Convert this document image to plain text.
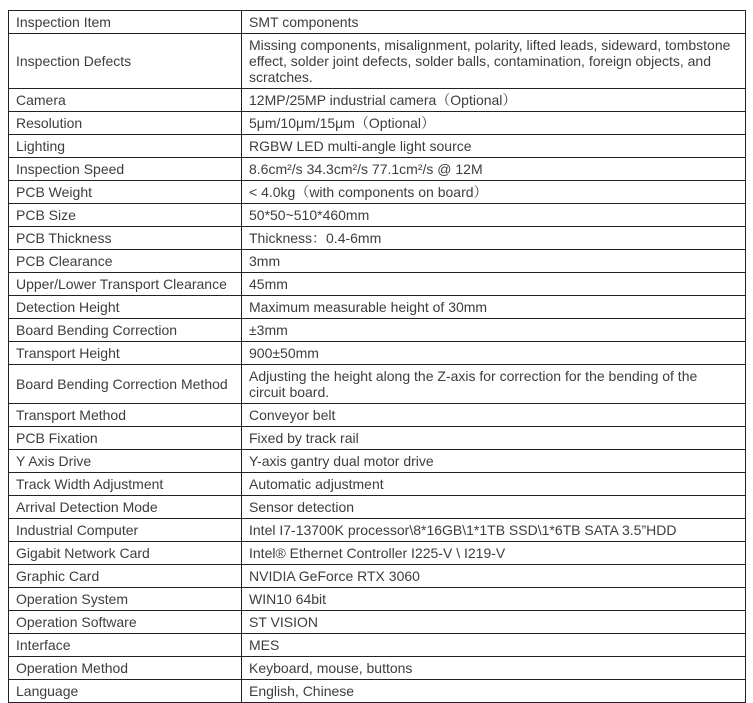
Inspection Item	SMT components
Inspection Defects	Missing components, misalignment, polarity, lifted leads, sideward, tombstone effect, solder joint defects, solder balls, contamination, foreign objects, and scratches.
Camera	12MP/25MP industrial camera（Optional）
Resolution	5μm/10μm/15μm（Optional）
Lighting	RGBW LED multi-angle light source
Inspection Speed	8.6cm²/s 34.3cm²/s 77.1cm²/s @ 12M
PCB Weight	< 4.0kg（with components on board）
PCB Size	50*50~510*460mm
PCB Thickness	Thickness：0.4-6mm
PCB Clearance	3mm
Upper/Lower Transport Clearance	45mm
Detection Height	Maximum measurable height of 30mm
Board Bending Correction	±3mm
Transport Height	900±50mm
Board Bending Correction Method	Adjusting the height along the Z-axis for correction for the bending of the circuit board.
Transport Method	Conveyor belt
PCB Fixation	Fixed by track rail
Y Axis Drive	Y-axis gantry dual motor drive
Track Width Adjustment	Automatic adjustment
Arrival Detection Mode	Sensor detection
Industrial Computer	Intel I7-13700K processor\8*16GB\1*1TB SSD\1*6TB SATA 3.5”HDD
Gigabit Network Card	Intel® Ethernet Controller I225-V \ I219-V
Graphic Card	NVIDIA GeForce RTX 3060
Operation System	WIN10 64bit
Operation Software	ST VISION
Interface	MES
Operation Method	Keyboard, mouse, buttons
Language	English, Chinese
